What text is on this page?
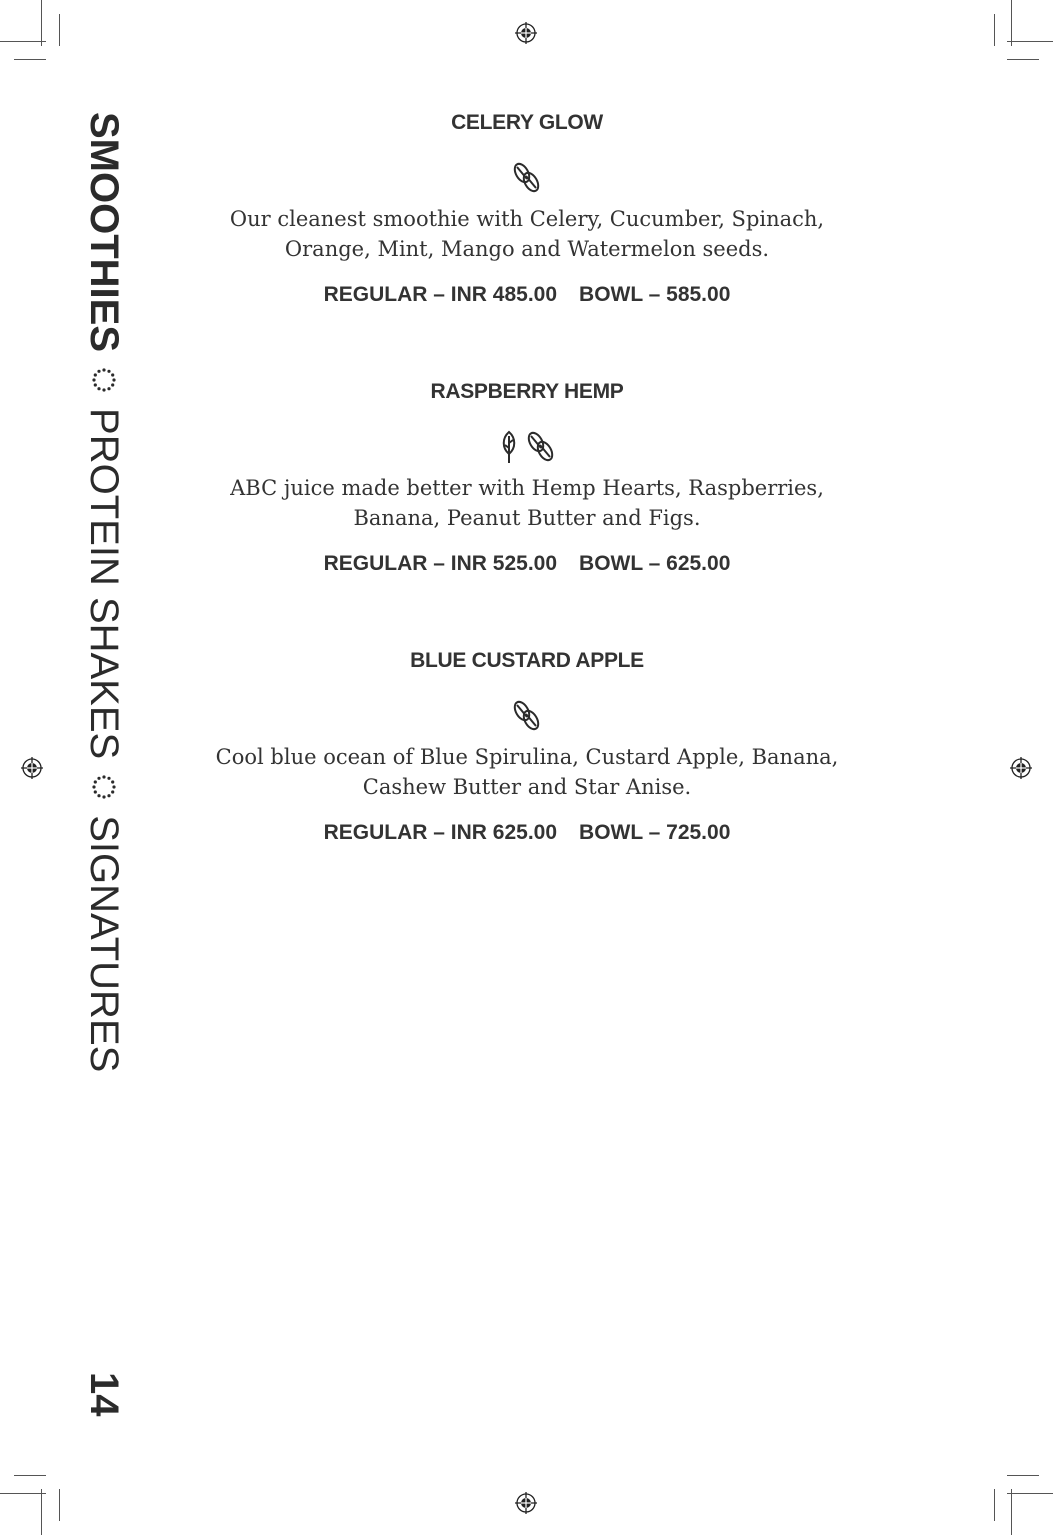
SMOOTHIES
PROTEIN SHAKES
SIGNATURES
14
CELERY GLOW
Our cleanest smoothie with Celery, Cucumber, Spinach, Orange, Mint, Mango and Watermelon seeds.
REGULAR – INR 485.00 BOWL – 585.00
RASPBERRY HEMP
ABC juice made better with Hemp Hearts, Raspberries, Banana, Peanut Butter and Figs.
REGULAR – INR 525.00 BOWL – 625.00
BLUE CUSTARD APPLE
Cool blue ocean of Blue Spirulina, Custard Apple, Banana, Cashew Butter and Star Anise.
REGULAR – INR 625.00 BOWL – 725.00
